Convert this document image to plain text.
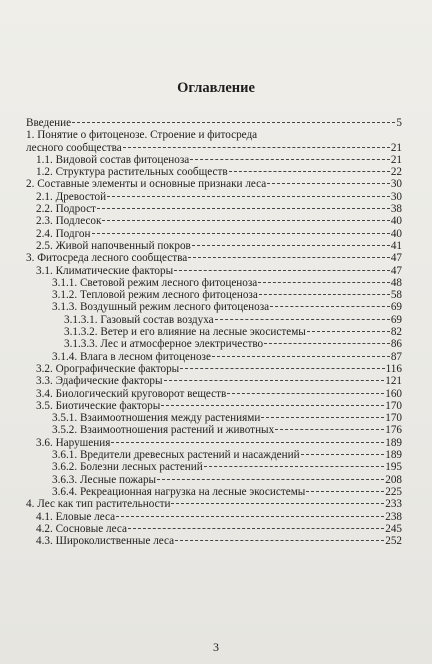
Оглавление
Введение	5
1. Понятие о фитоценозе. Строение и фитосреда
лесного сообщества	21
1.1. Видовой состав фитоценоза	21
1.2. Структура растительных сообществ	22
2. Составные элементы и основные признаки леса	30
2.1. Древостой	30
2.2. Подрост	38
2.3. Подлесок	40
2.4. Подгон	40
2.5. Живой напочвенный покров	41
3. Фитосреда лесного сообщества	47
3.1. Климатические факторы	47
3.1.1. Световой режим лесного фитоценоза	48
3.1.2. Тепловой режим лесного фитоценоза	58
3.1.3. Воздушный режим лесного фитоценоза	69
3.1.3.1. Газовый состав воздуха	69
3.1.3.2. Ветер и его влияние на лесные экосистемы	82
3.1.3.3. Лес и атмосферное электричество	86
3.1.4. Влага в лесном фитоценозе	87
3.2. Орографические факторы	116
3.3. Эдафические факторы	121
3.4. Биологический круговорот веществ	160
3.5. Биотические факторы	170
3.5.1. Взаимоотношения между растениями	170
3.5.2. Взаимоотношения растений и животных	176
3.6. Нарушения	189
3.6.1. Вредители древесных растений и насаждений	189
3.6.2. Болезни лесных растений	195
3.6.3. Лесные пожары	208
3.6.4. Рекреационная нагрузка на лесные экосистемы	225
4. Лес как тип растительности	233
4.1. Еловые леса	238
4.2. Сосновые леса	245
4.3. Широколиственные леса	252
3
